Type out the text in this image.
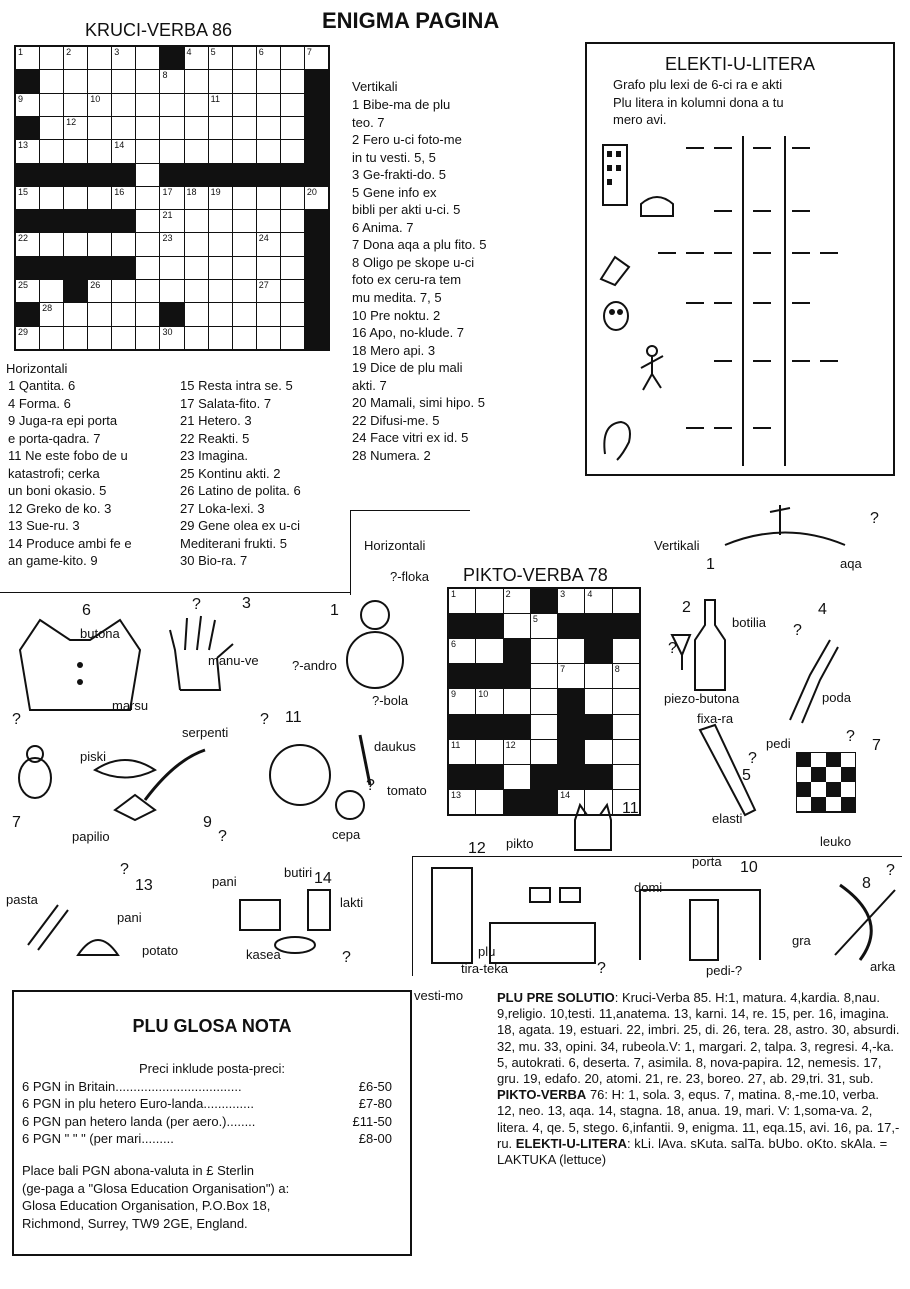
KRUCI-VERBA 86	ENIGMA PAGINA
1	2	3	4 5	6	7
8
9	10	11
12
13	14
15	16	17 18 19	20
21
22	23	24
25	26	27
28
29	30
Horizontali
1 Qantita. 6
4 Forma. 6
9 Juga-ra epi porta
e porta-qadra. 7
11 Ne este fobo de u
katastrofi; cerka
un boni okasio. 5
12 Greko de ko. 3
13 Sue-ru. 3
14 Produce ambi fe e
an game-kito. 9
15 Resta intra se. 5
17 Salata-fito. 7
21 Hetero. 3
22 Reakti. 5
23 Imagina.
25 Kontinu akti. 2
26 Latino de polita. 6
27 Loka-lexi. 3
29 Gene olea ex u-ci
Mediterani frukti. 5
30 Bio-ra. 7
Vertikali
1 Bibe-ma de plu
teo. 7
2 Fero u-ci foto-me
in tu vesti. 5, 5
3 Ge-frakti-do. 5
5 Gene info ex
bibli per akti u-ci. 5
6 Anima. 7
7 Dona aqa a plu fito. 5
8 Oligo pe skope u-ci
foto ex ceru-ra tem
mu medita. 7, 5
10 Pre noktu. 2
16 Apo, no-klude. 7
18 Mero api. 3
19 Dice de plu mali
akti. 7
20 Mamali, simi hipo. 5
22 Difusi-me. 5
24 Face vitri ex id. 5
28 Numera. 2
ELEKTI-U-LITERA
Grafo plu lexi de 6-ci ra e akti
Plu litera in kolumni dona a tu
mero avi.
Horizontali	Vertikali
PIKTO-VERBA 78
1	2	3 4
5
6
7	8
9 10
11	12
13	14
?-floka
aqa
?
1
6
butona
?	3
manu-ve
1
?-andro
?-bola
marsu
?
2
botilia
?
4
?
poda
piezo-butona
fixa-ra
pedi	?
7
piski
serpenti
? 11
daukus
? tomato
7
papilio
9
?	cepa
?
5
elasti
leuko
11
12 pikto
porta 10
domi	8
?
?
13
pasta
pani
potato
pani
butiri 14
lakti
kasea	?	plu
tira-teka	?
gra
arka
pedi-?
vesti-mo
PLU GLOSA NOTA
Preci inklude posta-preci:
6 PGN in Britain ...................................	£6-50
6 PGN in plu hetero Euro-landa ..............	£7-80
6 PGN pan hetero landa (per aero.) ........	£11-50
6 PGN " " " (per mari .........	£8-00
Place bali PGN abona-valuta in £ Sterlin
(ge-paga a "Glosa Education Organisation") a:
Glosa Education Organisation, P.O.Box 18,
Richmond, Surrey, TW9 2GE, England.
PLU PRE SOLUTIO: Kruci-Verba 85. H:1, matura. 4,kardia. 8,nau. 9,religio. 10,testi. 11,anatema. 13, karni. 14, re. 15, per. 16, imagina. 18, agata. 19, estuari. 22, imbri. 25, di. 26, tera. 28, astro. 30, absurdi. 32, mu. 33, opini. 34, rubeola.V: 1, margari. 2, talpa. 3, regresi. 4,-ka. 5, autokrati. 6, deserta. 7, asimila. 8, nova-papira. 12, nemesis. 17, gru. 19, edafo. 20, atomi. 21, re. 23, boreo. 27, ab. 29,tri. 31, sub. PIKTO-VERBA 76: H: 1, sola. 3, equs. 7, matina. 8,-me.10, verba. 12, neo. 13, aqa. 14, stagna. 18, anua. 19, mari. V: 1,soma-va. 2, litera. 4, qe. 5, stego. 6,infantii. 9, enigma. 11, eqa.15, avi. 16, pa. 17,-ru. ELEKTI-U-LITERA: kLi. lAva. sKuta. salTa. bUbo. oKto. skAla. = LAKTUKA (lettuce)
